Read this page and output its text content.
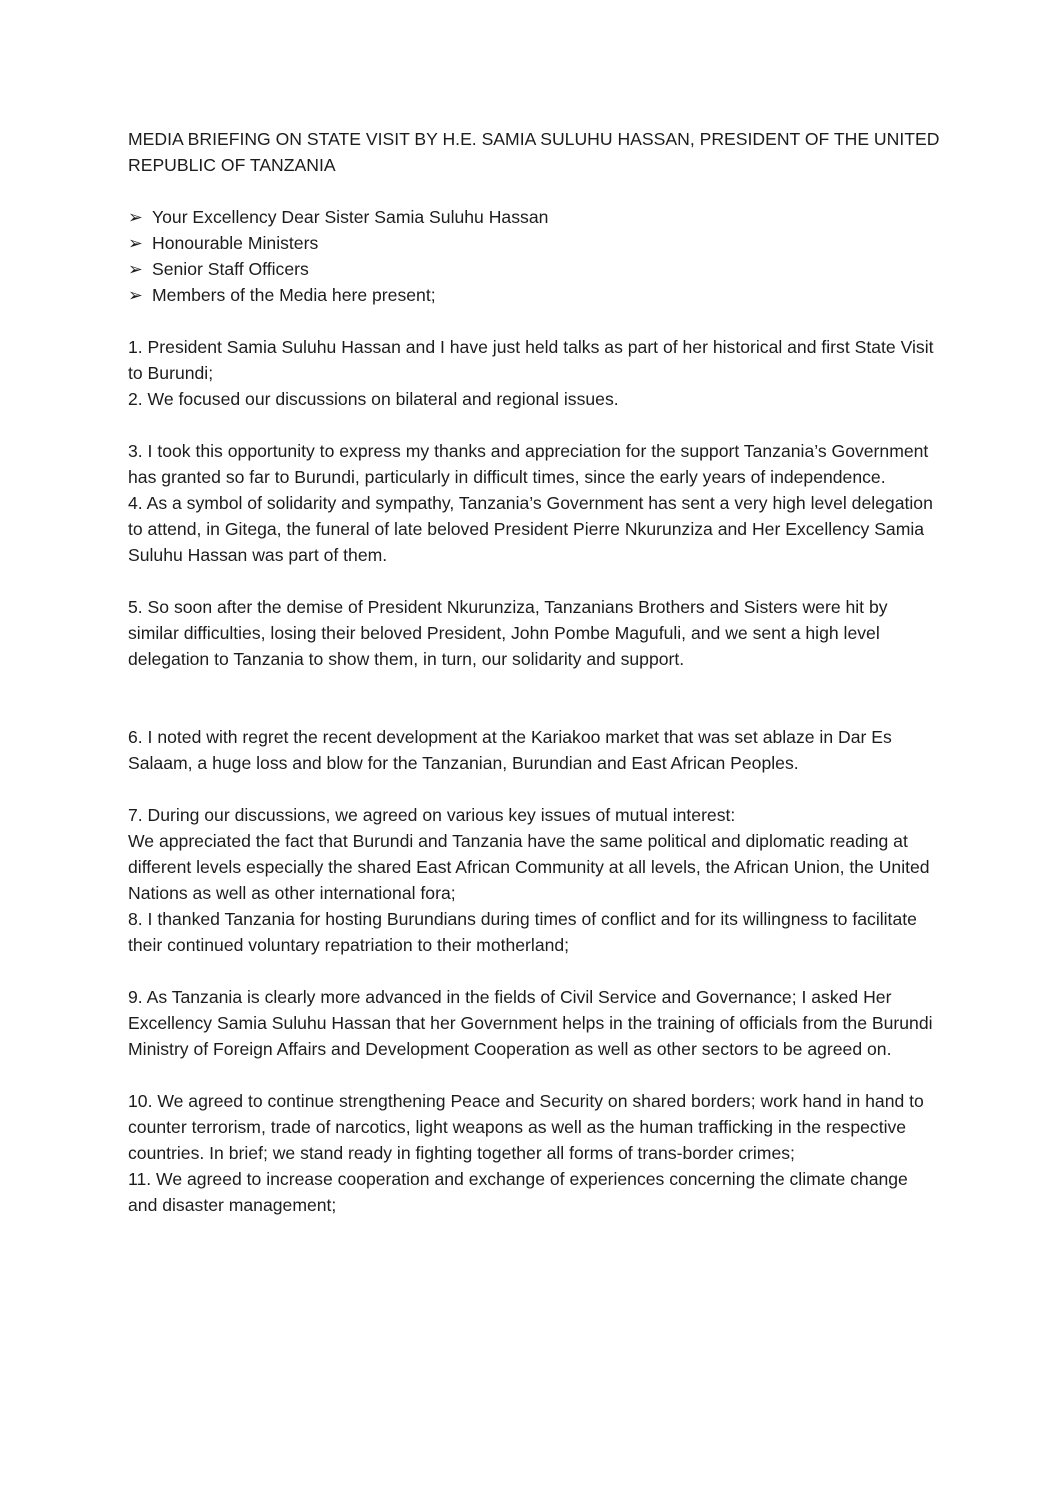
MEDIA BRIEFING ON STATE VISIT BY H.E. SAMIA SULUHU HASSAN, PRESIDENT OF THE UNITED REPUBLIC OF TANZANIA
➢ Your Excellency Dear Sister Samia Suluhu Hassan
➢ Honourable Ministers
➢ Senior Staff Officers
➢ Members of the Media here present;

1. President Samia Suluhu Hassan and I have just held talks as part of her historical and first State Visit to Burundi;

2. We focused our discussions on bilateral and regional issues.

3. I took this opportunity to express my thanks and appreciation for the support Tanzania’s Government has granted so far to Burundi, particularly in difficult times, since the early years of independence.

4. As a symbol of solidarity and sympathy, Tanzania’s Government has sent a very high level delegation to attend, in Gitega, the funeral of late beloved President Pierre Nkurunziza and Her Excellency Samia Suluhu Hassan was part of them.

5. So soon after the demise of President Nkurunziza, Tanzanians Brothers and Sisters were hit by similar difficulties, losing their beloved President, John Pombe Magufuli, and we sent a high level delegation to Tanzania to show them, in turn, our solidarity and support.

6. I noted with regret the recent development at the Kariakoo market that was set ablaze in Dar Es Salaam, a huge loss and blow for the Tanzanian, Burundian and East African Peoples.

7. During our discussions, we agreed on various key issues of mutual interest:

We appreciated the fact that Burundi and Tanzania have the same political and diplomatic reading at different levels especially the shared East African Community at all levels, the African Union, the United Nations as well as other international fora;

8. I thanked Tanzania for hosting Burundians during times of conflict and for its willingness to facilitate their continued voluntary repatriation to their motherland;

9. As Tanzania is clearly more advanced in the fields of Civil Service and Governance; I asked Her Excellency Samia Suluhu Hassan that her Government helps in the training of officials from the Burundi Ministry of Foreign Affairs and Development Cooperation as well as other sectors to be agreed on.

10. We agreed to continue strengthening Peace and Security on shared borders; work hand in hand to counter terrorism, trade of narcotics, light weapons as well as the human trafficking in the respective countries. In brief; we stand ready in fighting together all forms of trans-border crimes;

11. We agreed to increase cooperation and exchange of experiences concerning the climate change and disaster management;
